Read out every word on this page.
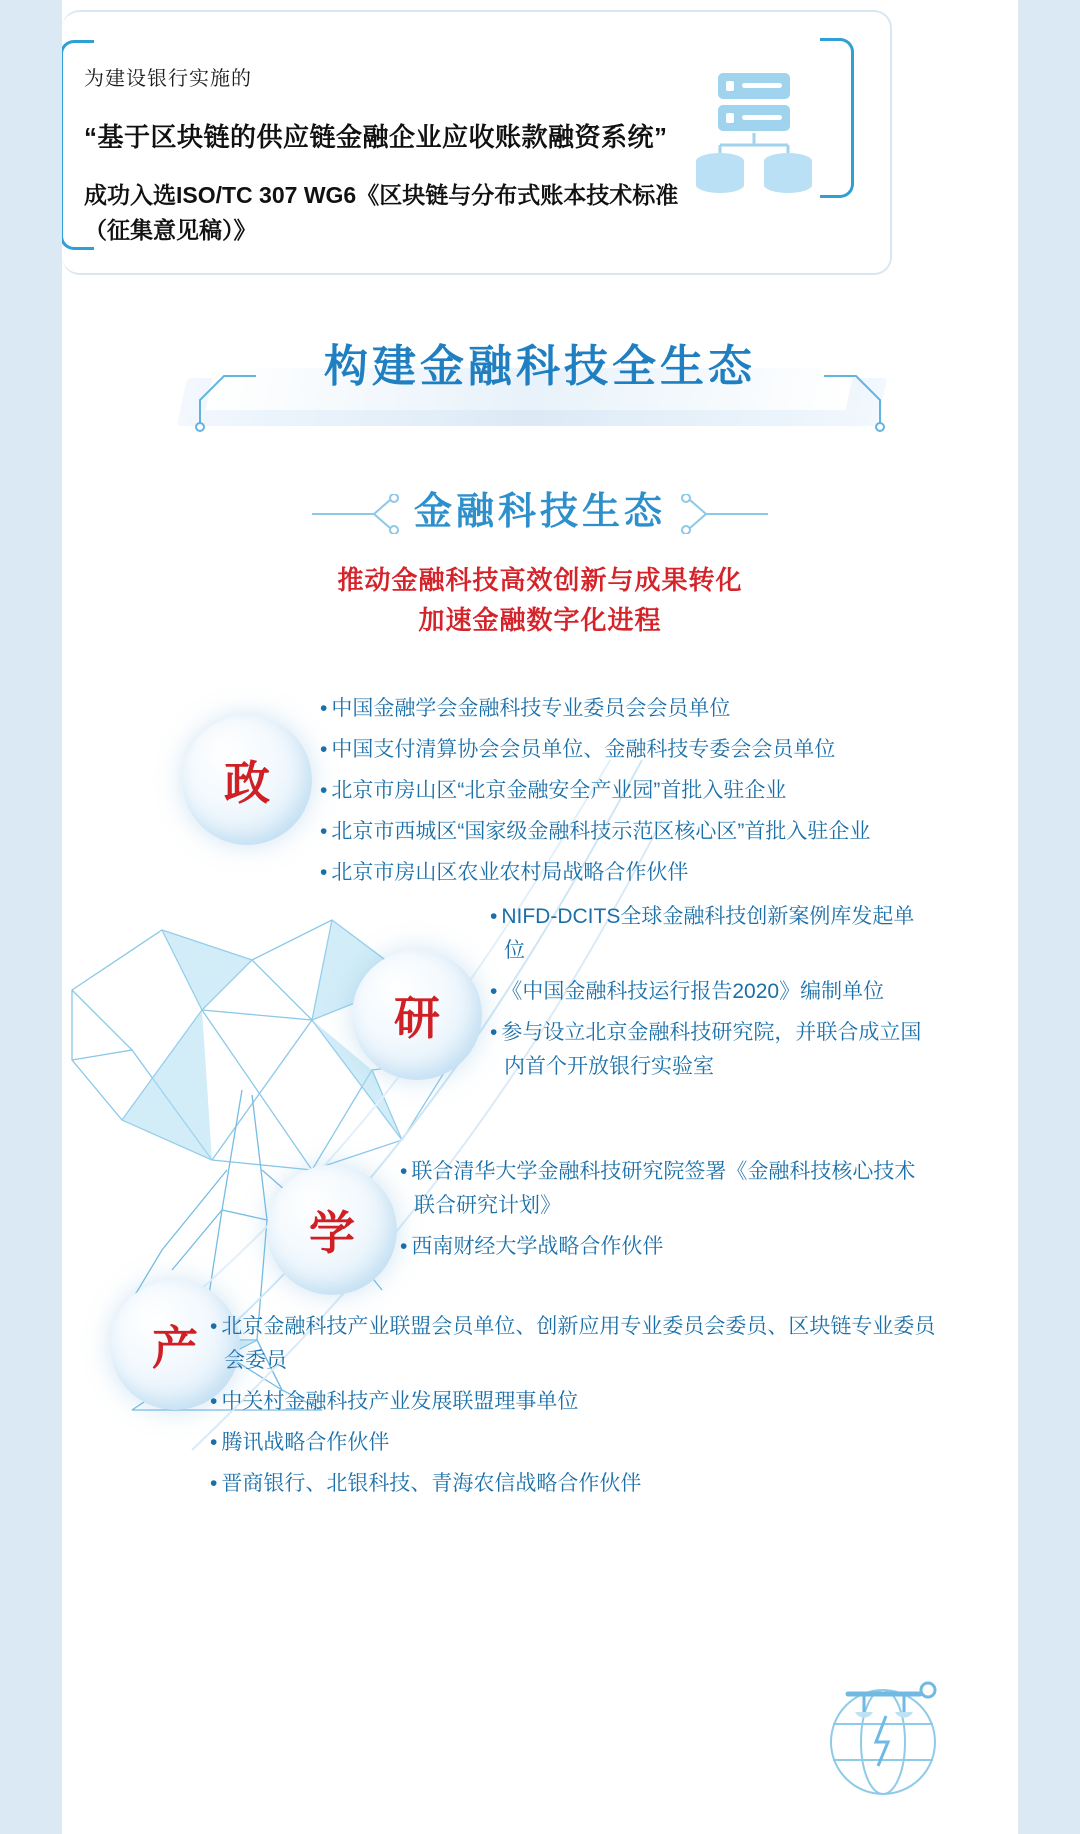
为建设银行实施的
“基于区块链的供应链金融企业应收账款融资系统”
成功入选ISO/TC 307 WG6《区块链与分布式账本技术标准（征集意见稿）》
构建金融科技全生态
金融科技生态
推动金融科技高效创新与成果转化
加速金融数字化进程
政
• 中国金融学会金融科技专业委员会会员单位
• 中国支付清算协会会员单位、金融科技专委会会员单位
• 北京市房山区“北京金融安全产业园”首批入驻企业
• 北京市西城区“国家级金融科技示范区核心区”首批入驻企业
• 北京市房山区农业农村局战略合作伙伴
研
• NIFD-DCITS全球金融科技创新案例库发起单位
• 《中国金融科技运行报告2020》编制单位
• 参与设立北京金融科技研究院，并联合成立国内首个开放银行实验室
学
• 联合清华大学金融科技研究院签署《金融科技核心技术联合研究计划》
• 西南财经大学战略合作伙伴
产	• 北京金融科技产业联盟会员单位、创新应用专业委员会委员、区块链专业委员会委员
• 中关村金融科技产业发展联盟理事单位
• 腾讯战略合作伙伴
• 晋商银行、北银科技、青海农信战略合作伙伴
